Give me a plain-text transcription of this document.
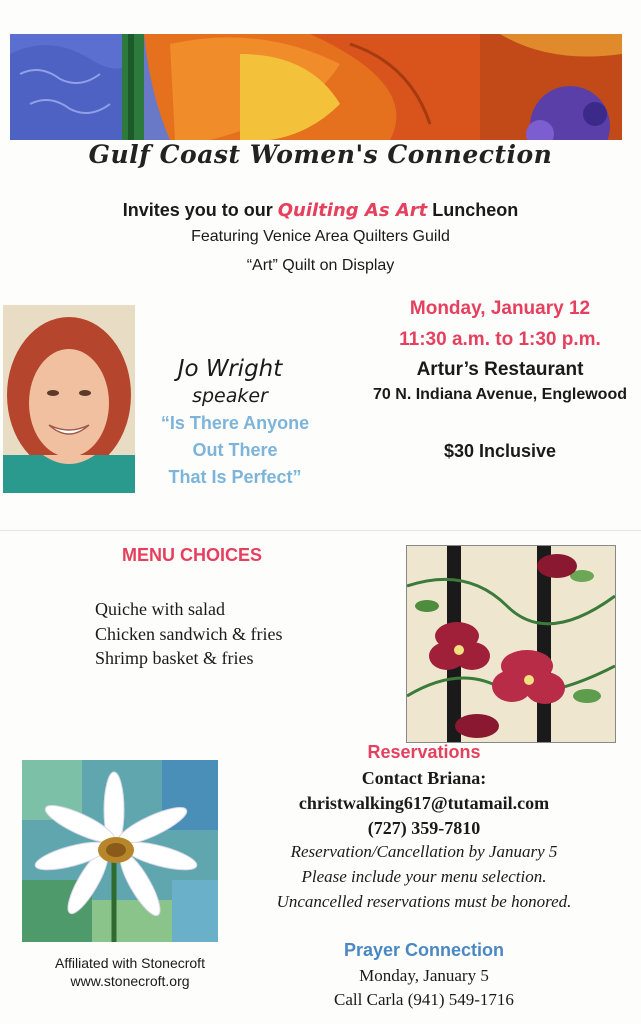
Gulf Coast Women's Connection
Invites you to our Quilting As Art Luncheon
Featuring Venice Area Quilters Guild
“Art” Quilt on Display
Jo Wright
speaker
“Is There Anyone
Out There
That Is Perfect”
Monday, January 12
11:30 a.m. to 1:30 p.m.
Artur’s Restaurant
70 N. Indiana Avenue, Englewood
$30 Inclusive
MENU CHOICES
Quiche with salad
Chicken sandwich & fries
Shrimp basket & fries
Reservations
Contact Briana:
christwalking617@tutamail.com
(727) 359-7810
Reservation/Cancellation by January 5
Please include your menu selection.
Uncancelled reservations must be honored.
Prayer Connection
Monday, January 5
Call Carla (941) 549-1716
Affiliated with Stonecroft
www.stonecroft.org
